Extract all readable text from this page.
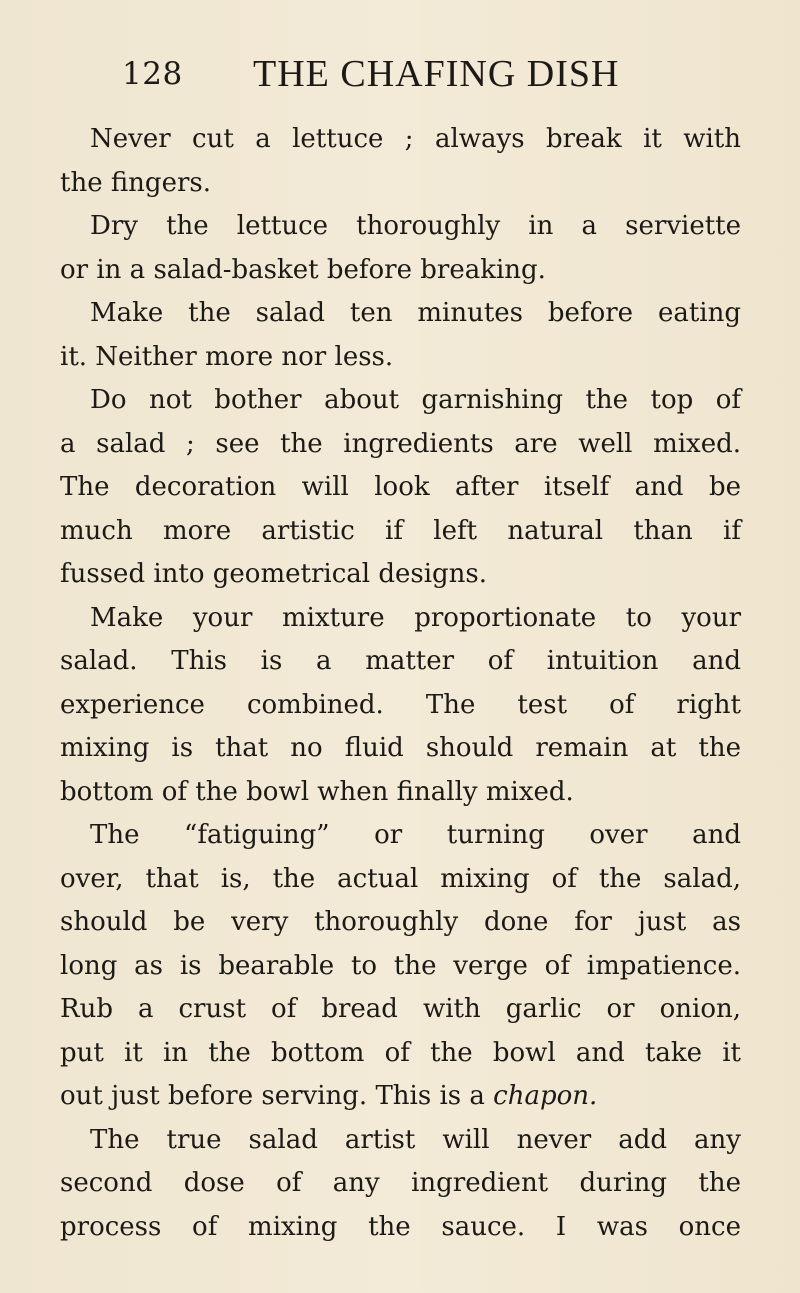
128 THE CHAFING DISH
Never cut a lettuce ; always break it with
the fingers.
Dry the lettuce thoroughly in a serviette
or in a salad-basket before breaking.
Make the salad ten minutes before eating
it. Neither more nor less.
Do not bother about garnishing the top of
a salad ; see the ingredients are well mixed.
The decoration will look after itself and be
much more artistic if left natural than if
fussed into geometrical designs.
Make your mixture proportionate to your
salad. This is a matter of intuition and
experience combined. The test of right
mixing is that no fluid should remain at the
bottom of the bowl when finally mixed.
The “fatiguing” or turning over and
over, that is, the actual mixing of the salad,
should be very thoroughly done for just as
long as is bearable to the verge of impatience.
Rub a crust of bread with garlic or onion,
put it in the bottom of the bowl and take it
out just before serving. This is a chapon.
The true salad artist will never add any
second dose of any ingredient during the
process of mixing the sauce. I was once
